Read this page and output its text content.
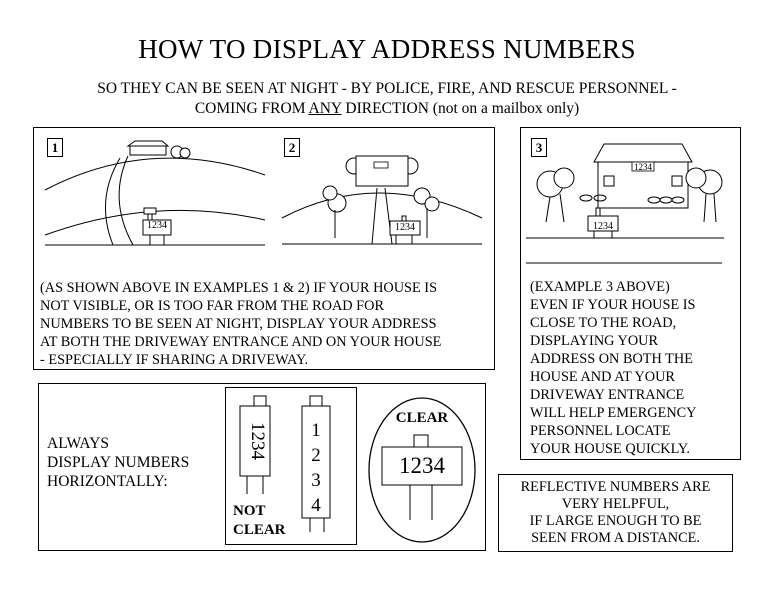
HOW TO DISPLAY ADDRESS NUMBERS
SO THEY CAN BE SEEN AT NIGHT - BY POLICE, FIRE, AND RESCUE PERSONNEL -
COMING FROM ANY DIRECTION (not on a mailbox only)
1	2
1234	1234
(AS SHOWN ABOVE IN EXAMPLES 1 & 2) IF YOUR HOUSE IS
NOT VISIBLE, OR IS TOO FAR FROM THE ROAD FOR
NUMBERS TO BE SEEN AT NIGHT, DISPLAY YOUR ADDRESS
AT BOTH THE DRIVEWAY ENTRANCE AND ON YOUR HOUSE
- ESPECIALLY IF SHARING A DRIVEWAY.
3
1234
1234
(EXAMPLE 3 ABOVE)
EVEN IF YOUR HOUSE IS
CLOSE TO THE ROAD,
DISPLAYING YOUR
ADDRESS ON BOTH THE
HOUSE AND AT YOUR
DRIVEWAY ENTRANCE
WILL HELP EMERGENCY
PERSONNEL LOCATE
YOUR HOUSE QUICKLY.
ALWAYS
DISPLAY NUMBERS
HORIZONTALLY:
1234	1
2
3
4
NOT
CLEAR
CLEAR
1234
REFLECTIVE NUMBERS ARE
VERY HELPFUL,
IF LARGE ENOUGH TO BE
SEEN FROM A DISTANCE.
